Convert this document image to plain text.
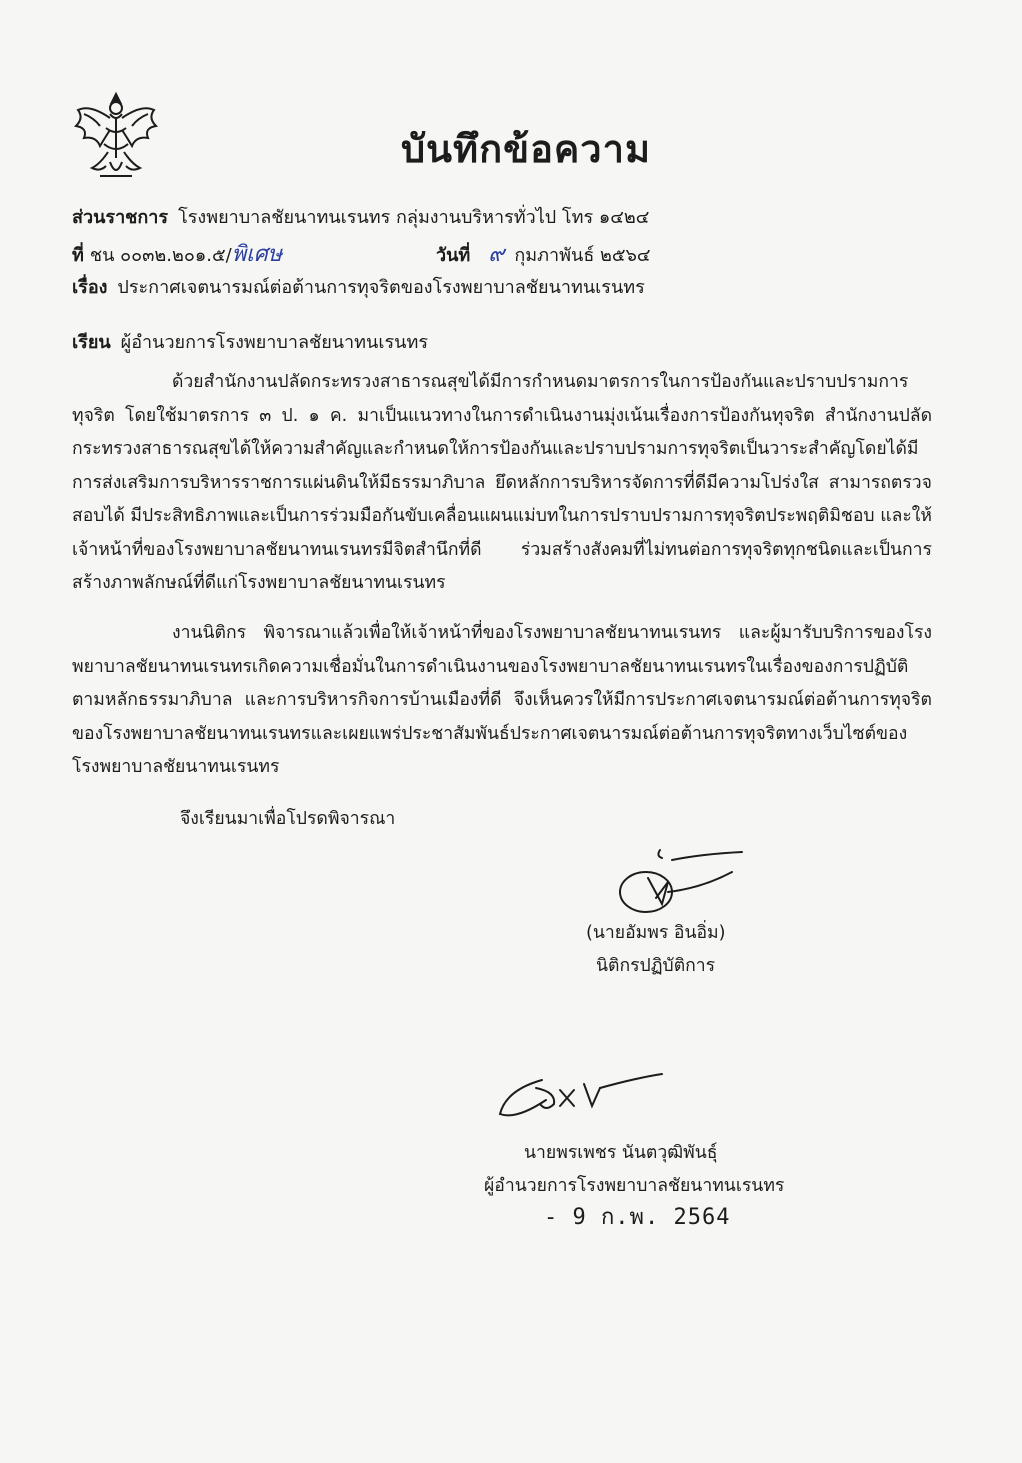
บันทึกข้อความ
ส่วนราชการ โรงพยาบาลชัยนาทนเรนทร กลุ่มงานบริหารทั่วไป โทร ๑๔๒๔
ที่ ชน ๐๐๓๒.๒๐๑.๕/พิเศษ	วันที่ ๙ กุมภาพันธ์ ๒๕๖๔
เรื่อง ประกาศเจตนารมณ์ต่อต้านการทุจริตของโรงพยาบาลชัยนาทนเรนทร
เรียน ผู้อำนวยการโรงพยาบาลชัยนาทนเรนทร
ด้วยสำนักงานปลัดกระทรวงสาธารณสุขได้มีการกำหนดมาตรการในการป้องกันและปราบปรามการทุจริต โดยใช้มาตรการ ๓ ป. ๑ ค. มาเป็นแนวทางในการดำเนินงานมุ่งเน้นเรื่องการป้องกันทุจริต สำนักงานปลัดกระทรวงสาธารณสุขได้ให้ความสำคัญและกำหนดให้การป้องกันและปราบปรามการทุจริตเป็นวาระสำคัญโดยได้มีการส่งเสริมการบริหารราชการแผ่นดินให้มีธรรมาภิบาล ยึดหลักการบริหารจัดการที่ดีมีความโปร่งใส สามารถตรวจสอบได้ มีประสิทธิภาพและเป็นการร่วมมือกันขับเคลื่อนแผนแม่บทในการปราบปรามการทุจริตประพฤติมิชอบ และให้เจ้าหน้าที่ของโรงพยาบาลชัยนาทนเรนทรมีจิตสำนึกที่ดี ร่วมสร้างสังคมที่ไม่ทนต่อการทุจริตทุกชนิดและเป็นการสร้างภาพลักษณ์ที่ดีแก่โรงพยาบาลชัยนาทนเรนทร
งานนิติกร พิจารณาแล้วเพื่อให้เจ้าหน้าที่ของโรงพยาบาลชัยนาทนเรนทร และผู้มารับบริการของโรงพยาบาลชัยนาทนเรนทรเกิดความเชื่อมั่นในการดำเนินงานของโรงพยาบาลชัยนาทนเรนทรในเรื่องของการปฏิบัติตามหลักธรรมาภิบาล และการบริหารกิจการบ้านเมืองที่ดี จึงเห็นควรให้มีการประกาศเจตนารมณ์ต่อต้านการทุจริตของโรงพยาบาลชัยนาทนเรนทรและเผยแพร่ประชาสัมพันธ์ประกาศเจตนารมณ์ต่อต้านการทุจริตทางเว็บไซต์ของโรงพยาบาลชัยนาทนเรนทร
จึงเรียนมาเพื่อโปรดพิจารณา
(นายอัมพร อินอิ่ม)
นิติกรปฏิบัติการ
นายพรเพชร นันตวุฒิพันธุ์
ผู้อำนวยการโรงพยาบาลชัยนาทนเรนทร
- 9 ก.พ. 2564
